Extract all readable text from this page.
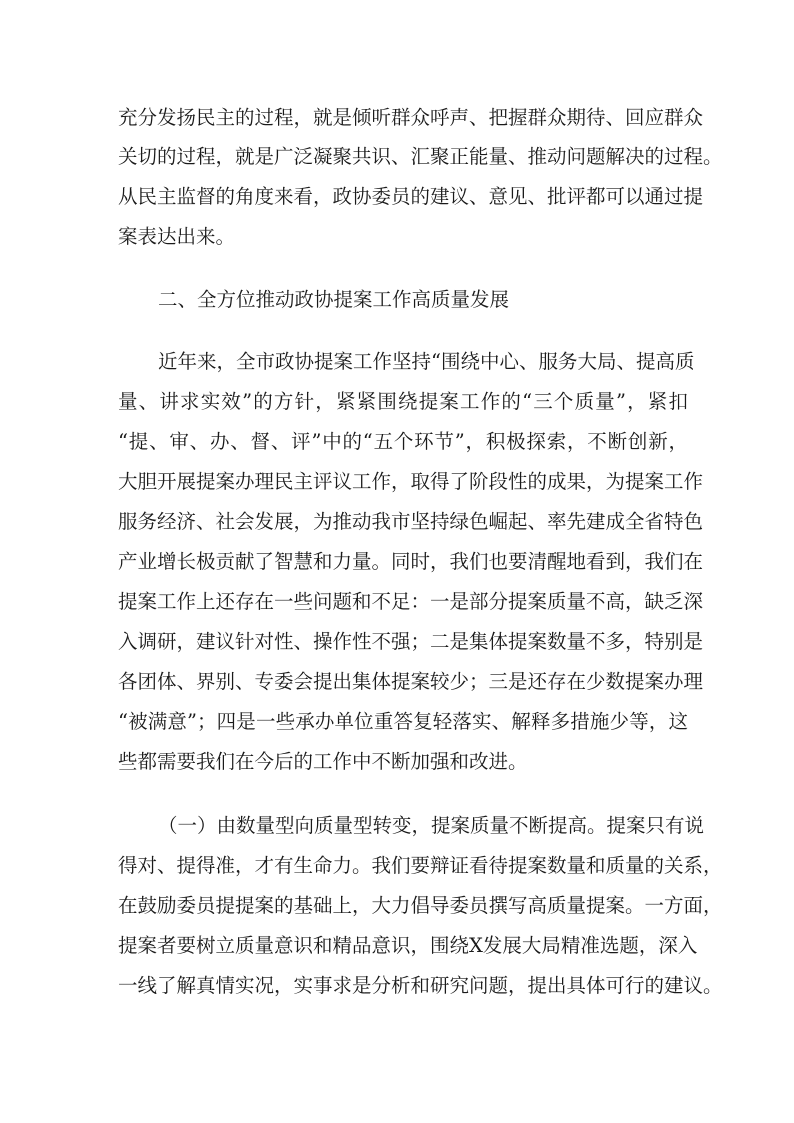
充分发扬民主的过程，就是倾听群众呼声、把握群众期待、回应群众
关切的过程，就是广泛凝聚共识、汇聚正能量、推动问题解决的过程。
从民主监督的角度来看，政协委员的建议、意见、批评都可以通过提
案表达出来。
二、全方位推动政协提案工作高质量发展
近年来，全市政协提案工作坚持“围绕中心、服务大局、提高质
量、讲求实效”的方针，紧紧围绕提案工作的“三个质量”，紧扣
“提、审、办、督、评”中的“五个环节”，积极探索，不断创新，
大胆开展提案办理民主评议工作，取得了阶段性的成果，为提案工作
服务经济、社会发展，为推动我市坚持绿色崛起、率先建成全省特色
产业增长极贡献了智慧和力量。同时，我们也要清醒地看到，我们在
提案工作上还存在一些问题和不足：一是部分提案质量不高，缺乏深
入调研，建议针对性、操作性不强；二是集体提案数量不多，特别是
各团体、界别、专委会提出集体提案较少；三是还存在少数提案办理
“被满意”；四是一些承办单位重答复轻落实、解释多措施少等，这
些都需要我们在今后的工作中不断加强和改进。
（一）由数量型向质量型转变，提案质量不断提高。提案只有说
得对、提得准，才有生命力。我们要辩证看待提案数量和质量的关系，
在鼓励委员提提案的基础上，大力倡导委员撰写高质量提案。一方面，
提案者要树立质量意识和精品意识，围绕X发展大局精准选题，深入
一线了解真情实况，实事求是分析和研究问题，提出具体可行的建议。
